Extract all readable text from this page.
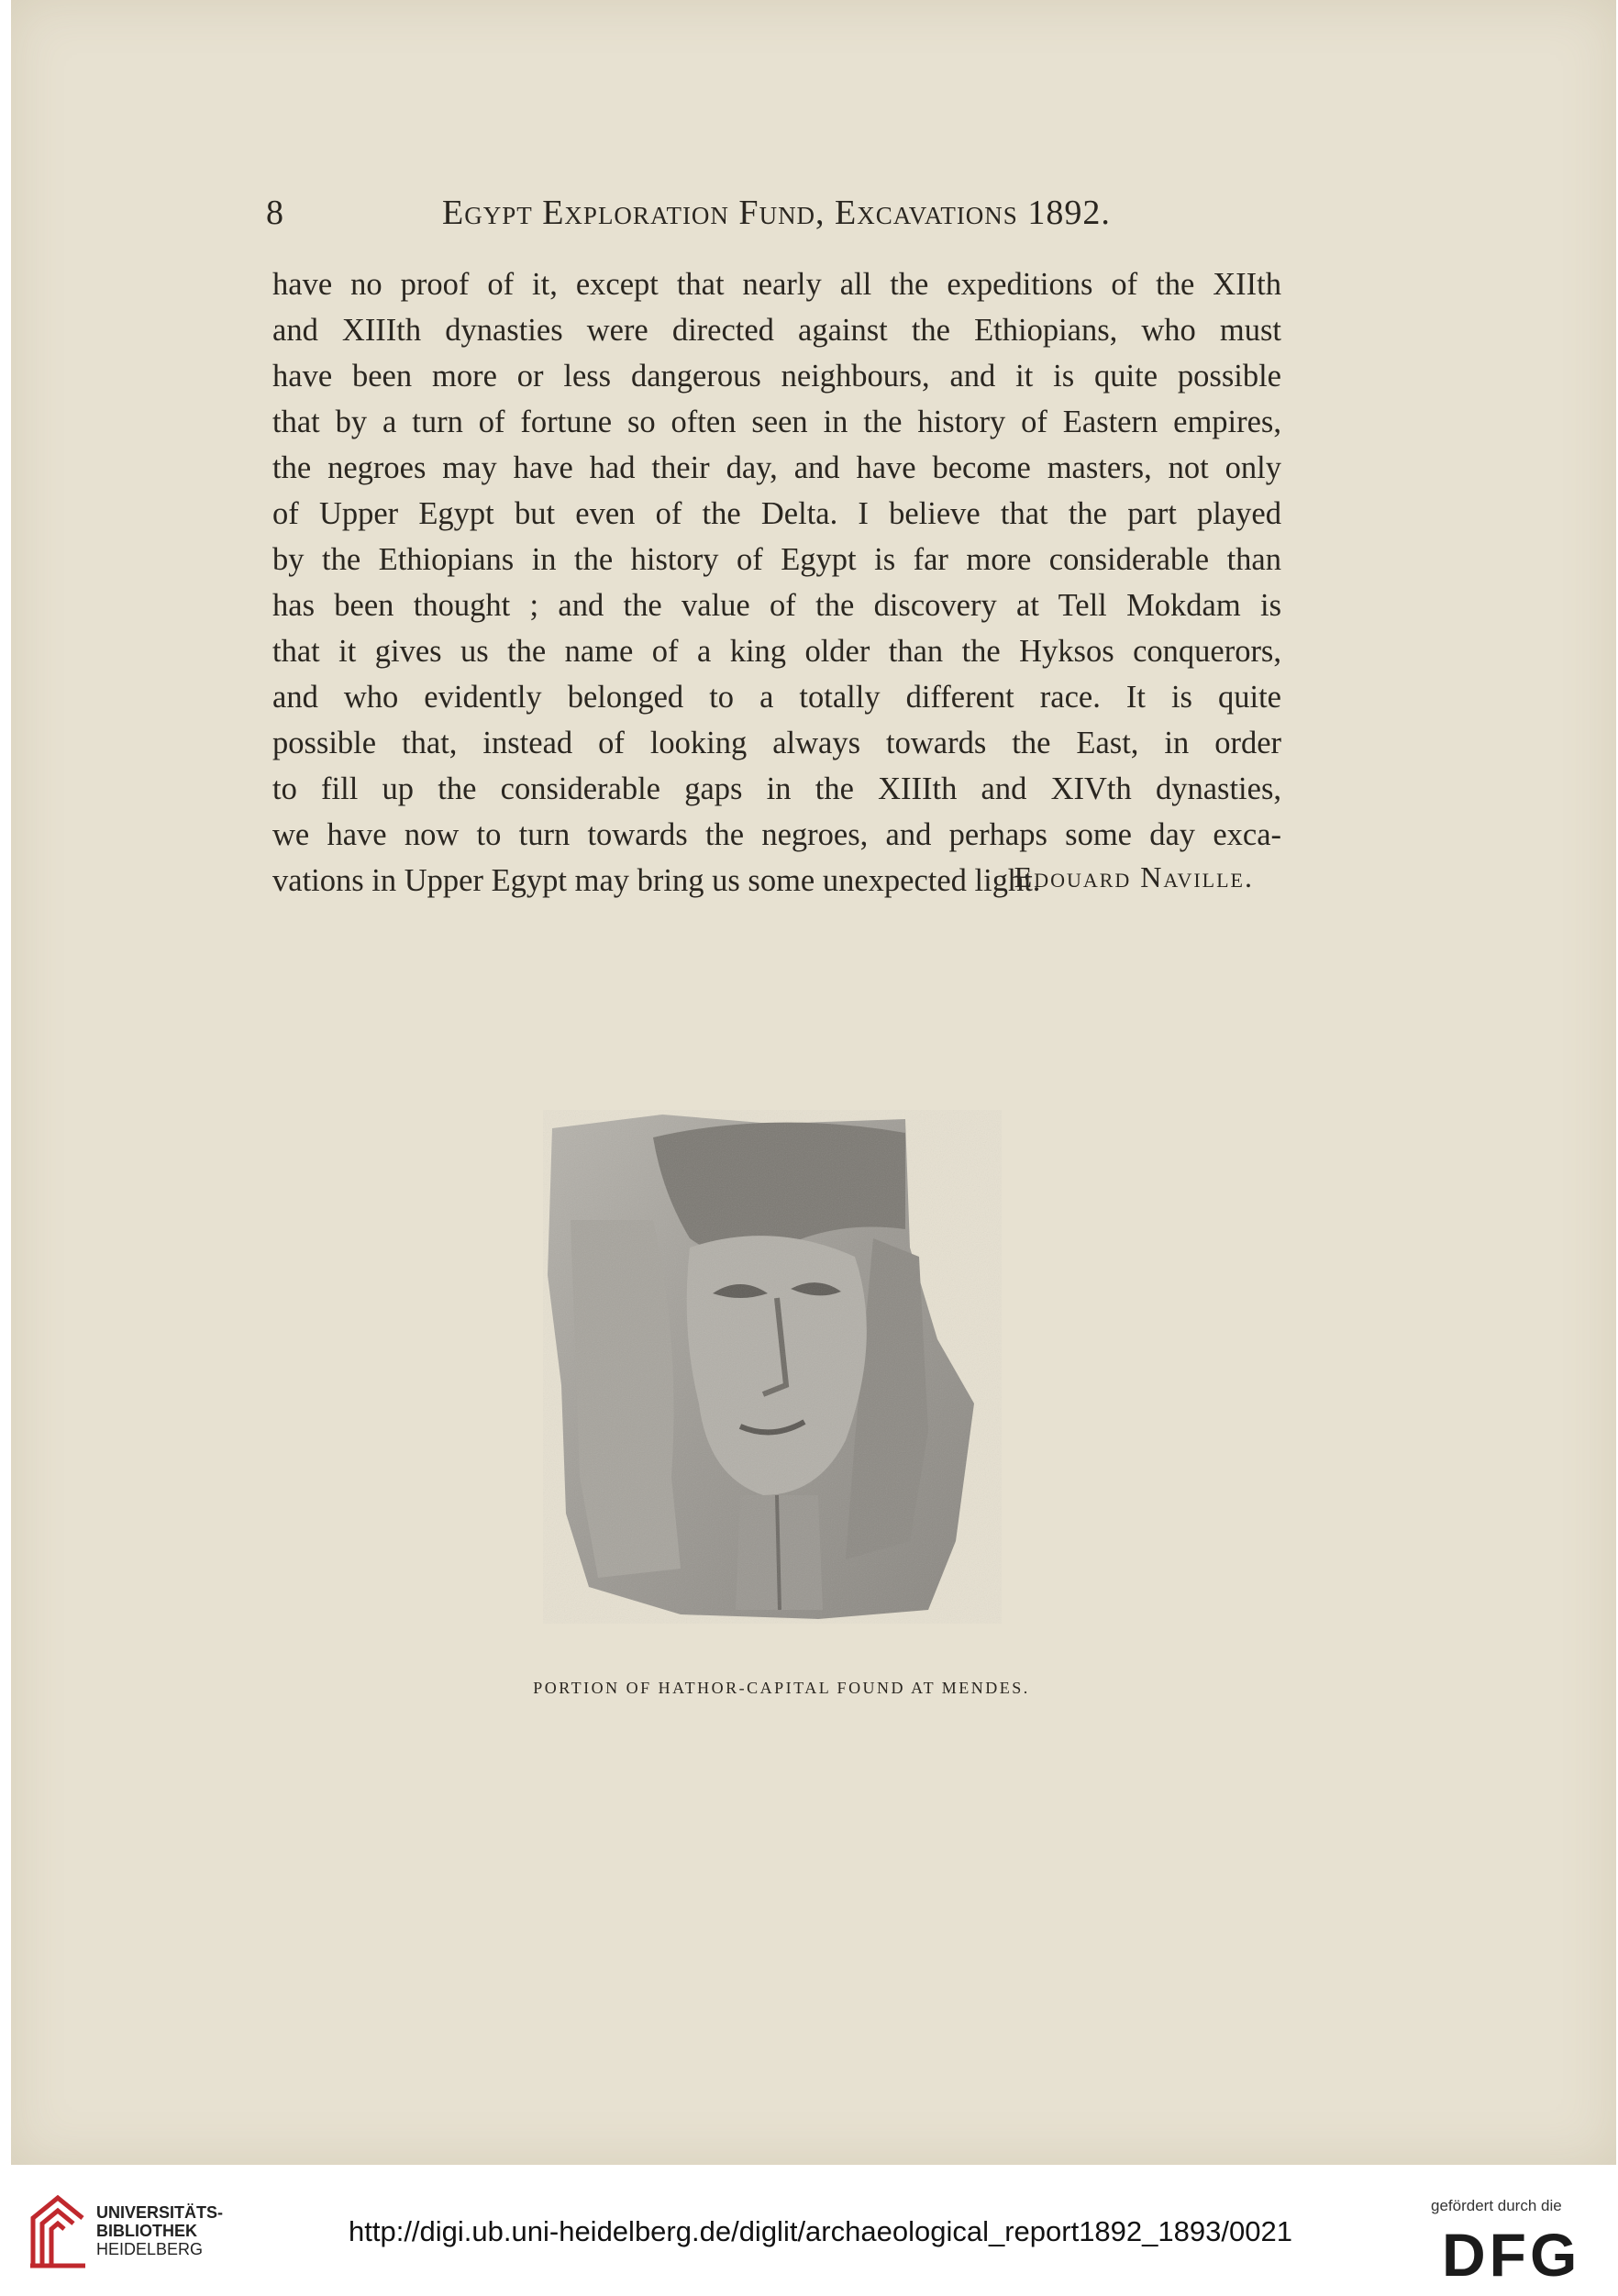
8	Egypt Exploration Fund, Excavations 1892.
have no proof of it, except that nearly all the expeditions of the XIIth
and XIIIth dynasties were directed against the Ethiopians, who must
have been more or less dangerous neighbours, and it is quite possible
that by a turn of fortune so often seen in the history of Eastern empires,
the negroes may have had their day, and have become masters, not only
of Upper Egypt but even of the Delta. I believe that the part played
by the Ethiopians in the history of Egypt is far more considerable than
has been thought ; and the value of the discovery at Tell Mokdam is
that it gives us the name of a king older than the Hyksos conquerors,
and who evidently belonged to a totally different race. It is quite
possible that, instead of looking always towards the East, in order
to fill up the considerable gaps in the XIIIth and XIVth dynasties,
we have now to turn towards the negroes, and perhaps some day exca-
vations in Upper Egypt may bring us some unexpected light.
Edouard Naville.
PORTION OF HATHOR-CAPITAL FOUND AT MENDES.
UNIVERSITÄTS-
BIBLIOTHEK
HEIDELBERG
http://digi.ub.uni-heidelberg.de/diglit/archaeological_report1892_1893/0021
gefördert durch die
DFG
